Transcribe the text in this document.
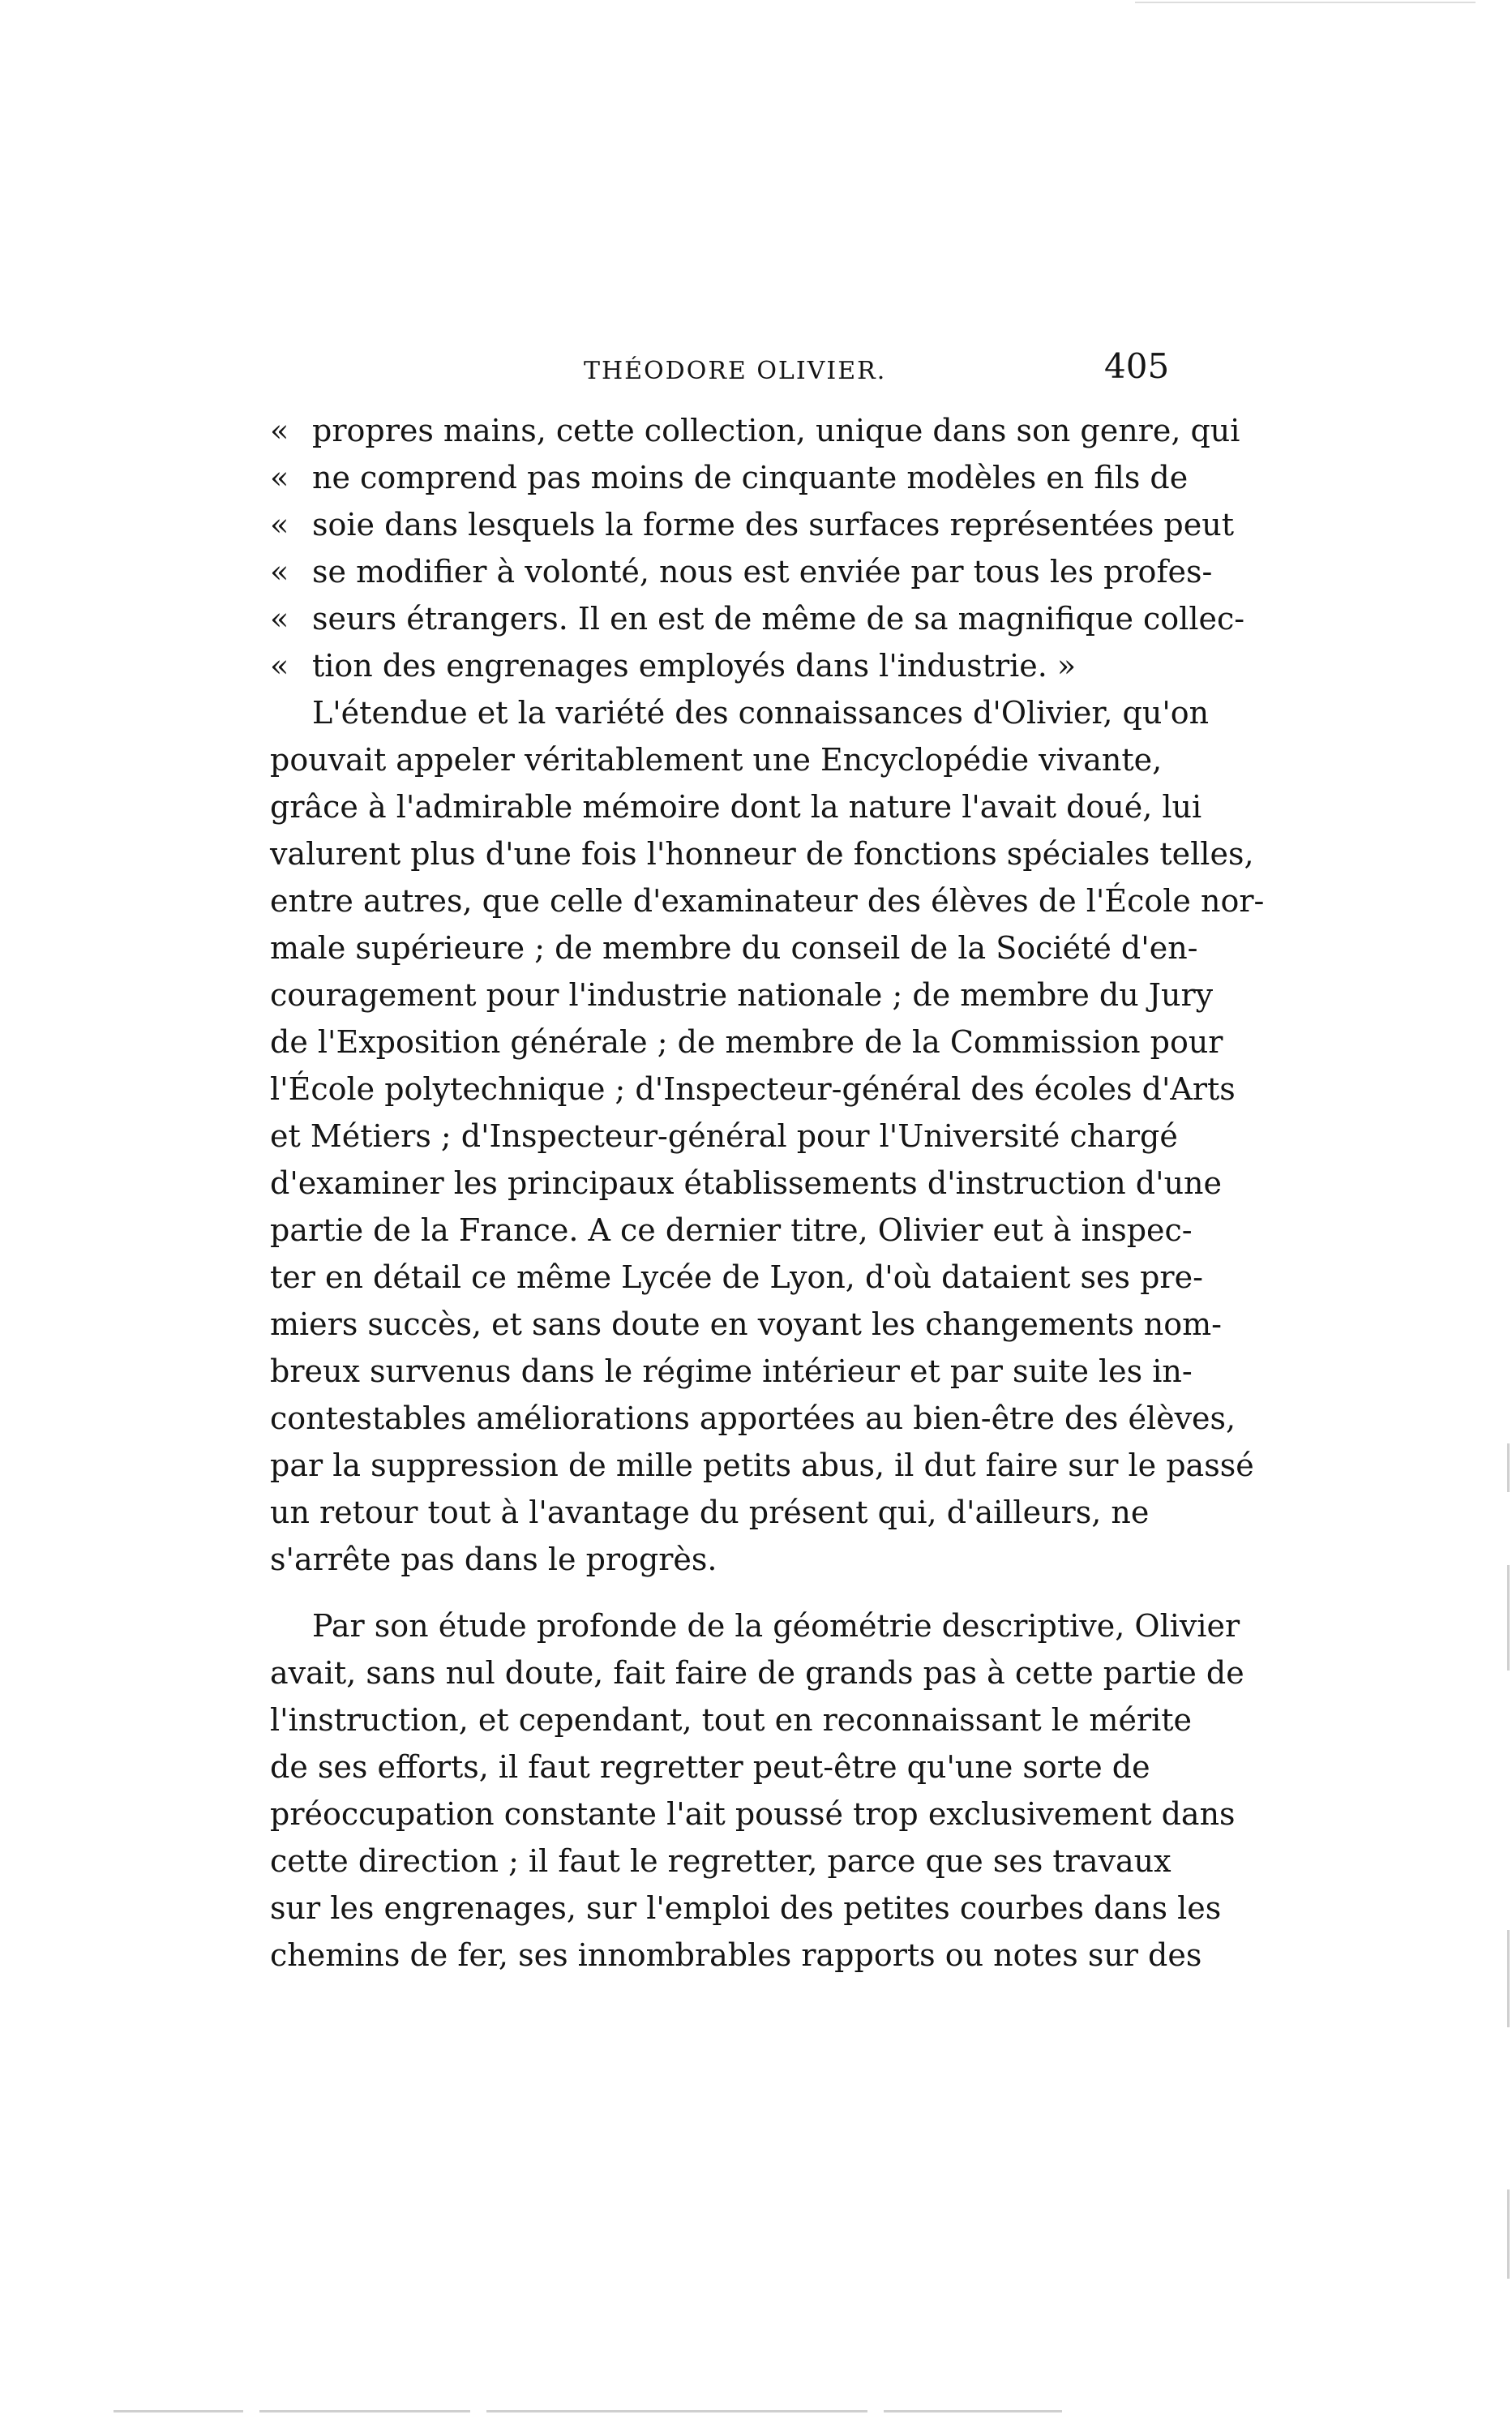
THÉODORE OLIVIER.	405
« propres mains, cette collection, unique dans son genre, qui
« ne comprend pas moins de cinquante modèles en fils de
« soie dans lesquels la forme des surfaces représentées peut
« se modifier à volonté, nous est enviée par tous les profes-
« seurs étrangers. Il en est de même de sa magnifique collec-
« tion des engrenages employés dans l'industrie. »
L'étendue et la variété des connaissances d'Olivier, qu'on
pouvait appeler véritablement une Encyclopédie vivante,
grâce à l'admirable mémoire dont la nature l'avait doué, lui
valurent plus d'une fois l'honneur de fonctions spéciales telles,
entre autres, que celle d'examinateur des élèves de l'École nor-
male supérieure ; de membre du conseil de la Société d'en-
couragement pour l'industrie nationale ; de membre du Jury
de l'Exposition générale ; de membre de la Commission pour
l'École polytechnique ; d'Inspecteur-général des écoles d'Arts
et Métiers ; d'Inspecteur-général pour l'Université chargé
d'examiner les principaux établissements d'instruction d'une
partie de la France. A ce dernier titre, Olivier eut à inspec-
ter en détail ce même Lycée de Lyon, d'où dataient ses pre-
miers succès, et sans doute en voyant les changements nom-
breux survenus dans le régime intérieur et par suite les in-
contestables améliorations apportées au bien-être des élèves,
par la suppression de mille petits abus, il dut faire sur le passé
un retour tout à l'avantage du présent qui, d'ailleurs, ne
s'arrête pas dans le progrès.
Par son étude profonde de la géométrie descriptive, Olivier
avait, sans nul doute, fait faire de grands pas à cette partie de
l'instruction, et cependant, tout en reconnaissant le mérite
de ses efforts, il faut regretter peut-être qu'une sorte de
préoccupation constante l'ait poussé trop exclusivement dans
cette direction ; il faut le regretter, parce que ses travaux
sur les engrenages, sur l'emploi des petites courbes dans les
chemins de fer, ses innombrables rapports ou notes sur des
